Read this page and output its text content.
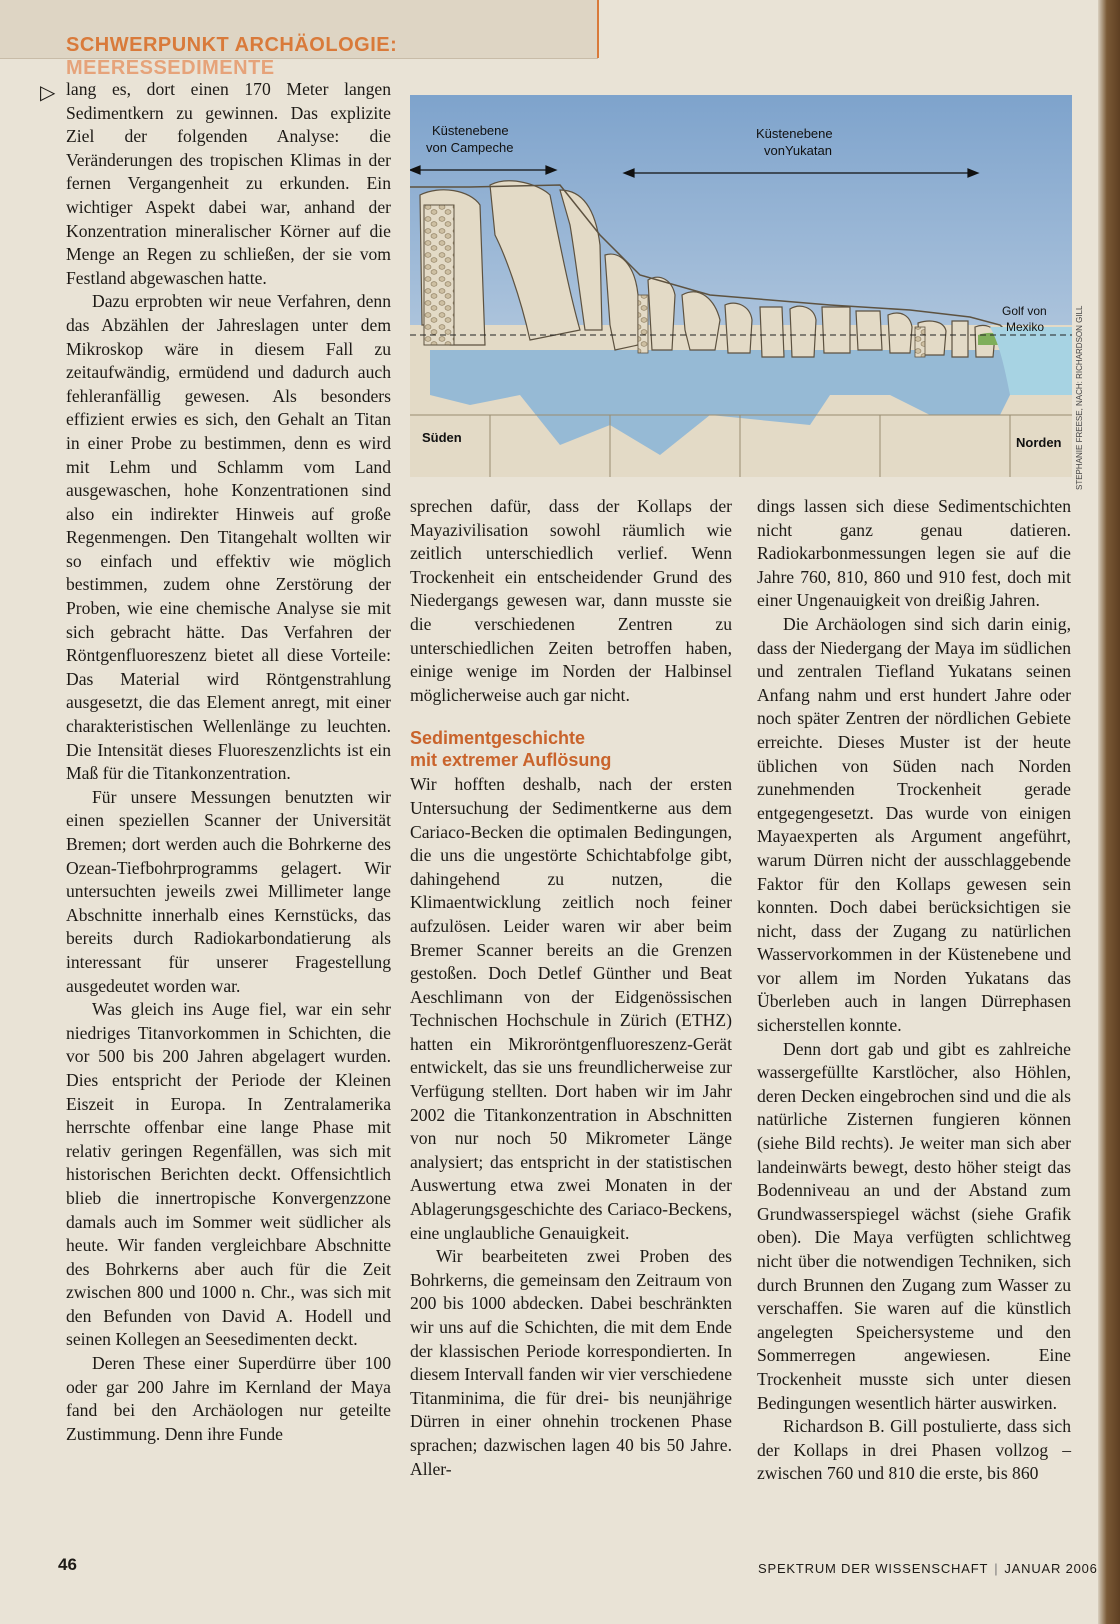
SCHWERPUNKT ARCHÄOLOGIE: MEERESSEDIMENTE
▷ lang es, dort einen 170 Meter langen Sedimentkern zu gewinnen. Das explizite Ziel der folgenden Analyse: die Veränderungen des tropischen Klimas in der fernen Vergangenheit zu erkunden. Ein wichtiger Aspekt dabei war, anhand der Konzentration mineralischer Körner auf die Menge an Regen zu schließen, der sie vom Festland abgewaschen hatte.

Dazu erprobten wir neue Verfahren, denn das Abzählen der Jahreslagen unter dem Mikroskop wäre in diesem Fall zu zeitaufwändig, ermüdend und dadurch auch fehleranfällig gewesen. Als besonders effizient erwies es sich, den Gehalt an Titan in einer Probe zu bestimmen, denn es wird mit Lehm und Schlamm vom Land ausgewaschen, hohe Konzentrationen sind also ein indirekter Hinweis auf große Regenmengen. Den Titangehalt wollten wir so einfach und effektiv wie möglich bestimmen, zudem ohne Zerstörung der Proben, wie eine chemische Analyse sie mit sich gebracht hätte. Das Verfahren der Röntgenfluoreszenz bietet all diese Vorteile: Das Material wird Röntgenstrahlung ausgesetzt, die das Element anregt, mit einer charakteristischen Wellenlänge zu leuchten. Die Intensität dieses Fluoreszenzlichts ist ein Maß für die Titankonzentration.

Für unsere Messungen benutzten wir einen speziellen Scanner der Universität Bremen; dort werden auch die Bohrkerne des Ozean-Tiefbohrprogramms gelagert. Wir untersuchten jeweils zwei Millimeter lange Abschnitte innerhalb eines Kernstücks, das bereits durch Radiokarbondatierung als interessant für unserer Fragestellung ausgedeutet worden war.

Was gleich ins Auge fiel, war ein sehr niedriges Titanvorkommen in Schichten, die vor 500 bis 200 Jahren abgelagert wurden. Dies entspricht der Periode der Kleinen Eiszeit in Europa. In Zentralamerika herrschte offenbar eine lange Phase mit relativ geringen Regenfällen, was sich mit historischen Berichten deckt. Offensichtlich blieb die innertropische Konvergenzzone damals auch im Sommer weit südlicher als heute. Wir fanden vergleichbare Abschnitte des Bohrkerns aber auch für die Zeit zwischen 800 und 1000 n. Chr., was sich mit den Befunden von David A. Hodell und seinen Kollegen an Seesedimenten deckt.

Deren These einer Superdürre über 100 oder gar 200 Jahre im Kernland der Maya fand bei den Archäologen nur geteilte Zustimmung. Denn ihre Funde

Küstenebene
von Campeche
Küstenebene
vonYukatan
Golf von
Mexiko
Süden	Norden STEPHANIE FREESE, NACH: RICHARDSON GILL

sprechen dafür, dass der Kollaps der Mayazivilisation sowohl räumlich wie zeitlich unterschiedlich verlief. Wenn Trockenheit ein entscheidender Grund des Niedergangs gewesen war, dann musste sie die verschiedenen Zentren zu unterschiedlichen Zeiten betroffen haben, einige wenige im Norden der Halbinsel möglicherweise auch gar nicht.

Sedimentgeschichte
mit extremer Auflösung

Wir hofften deshalb, nach der ersten Untersuchung der Sedimentkerne aus dem Cariaco-Becken die optimalen Bedingungen, die uns die ungestörte Schichtabfolge gibt, dahingehend zu nutzen, die Klimaentwicklung zeitlich noch feiner aufzulösen. Leider waren wir aber beim Bremer Scanner bereits an die Grenzen gestoßen. Doch Detlef Günther und Beat Aeschlimann von der Eidgenössischen Technischen Hochschule in Zürich (ETHZ) hatten ein Mikroröntgenfluoreszenz-Gerät entwickelt, das sie uns freundlicherweise zur Verfügung stellten. Dort haben wir im Jahr 2002 die Titankonzentration in Abschnitten von nur noch 50 Mikrometer Länge analysiert; das entspricht in der statistischen Auswertung etwa zwei Monaten in der Ablagerungsgeschichte des Cariaco-Beckens, eine unglaubliche Genauigkeit.

Wir bearbeiteten zwei Proben des Bohrkerns, die gemeinsam den Zeitraum von 200 bis 1000 abdecken. Dabei beschränkten wir uns auf die Schichten, die mit dem Ende der klassischen Periode korrespondierten. In diesem Intervall fanden wir vier verschiedene Titanminima, die für drei- bis neunjährige Dürren in einer ohnehin trockenen Phase sprachen; dazwischen lagen 40 bis 50 Jahre. Aller-

dings lassen sich diese Sedimentschichten nicht ganz genau datieren. Radiokarbonmessungen legen sie auf die Jahre 760, 810, 860 und 910 fest, doch mit einer Ungenauigkeit von dreißig Jahren.

Die Archäologen sind sich darin einig, dass der Niedergang der Maya im südlichen und zentralen Tiefland Yukatans seinen Anfang nahm und erst hundert Jahre oder noch später Zentren der nördlichen Gebiete erreichte. Dieses Muster ist der heute üblichen von Süden nach Norden zunehmenden Trockenheit gerade entgegengesetzt. Das wurde von einigen Mayaexperten als Argument angeführt, warum Dürren nicht der ausschlaggebende Faktor für den Kollaps gewesen sein konnten. Doch dabei berücksichtigen sie nicht, dass der Zugang zu natürlichen Wasservorkommen in der Küstenebene und vor allem im Norden Yukatans das Überleben auch in langen Dürrephasen sicherstellen konnte.

Denn dort gab und gibt es zahlreiche wassergefüllte Karstlöcher, also Höhlen, deren Decken eingebrochen sind und die als natürliche Zisternen fungieren können (siehe Bild rechts). Je weiter man sich aber landeinwärts bewegt, desto höher steigt das Bodenniveau an und der Abstand zum Grundwasserspiegel wächst (siehe Grafik oben). Die Maya verfügten schlichtweg nicht über die notwendigen Techniken, sich durch Brunnen den Zugang zum Wasser zu verschaffen. Sie waren auf die künstlich angelegten Speichersysteme und den Sommerregen angewiesen. Eine Trockenheit musste sich unter diesen Bedingungen wesentlich härter auswirken.

Richardson B. Gill postulierte, dass sich der Kollaps in drei Phasen vollzog – zwischen 760 und 810 die erste, bis 860

46	SPEKTRUM DER WISSENSCHAFT | JANUAR 2006
